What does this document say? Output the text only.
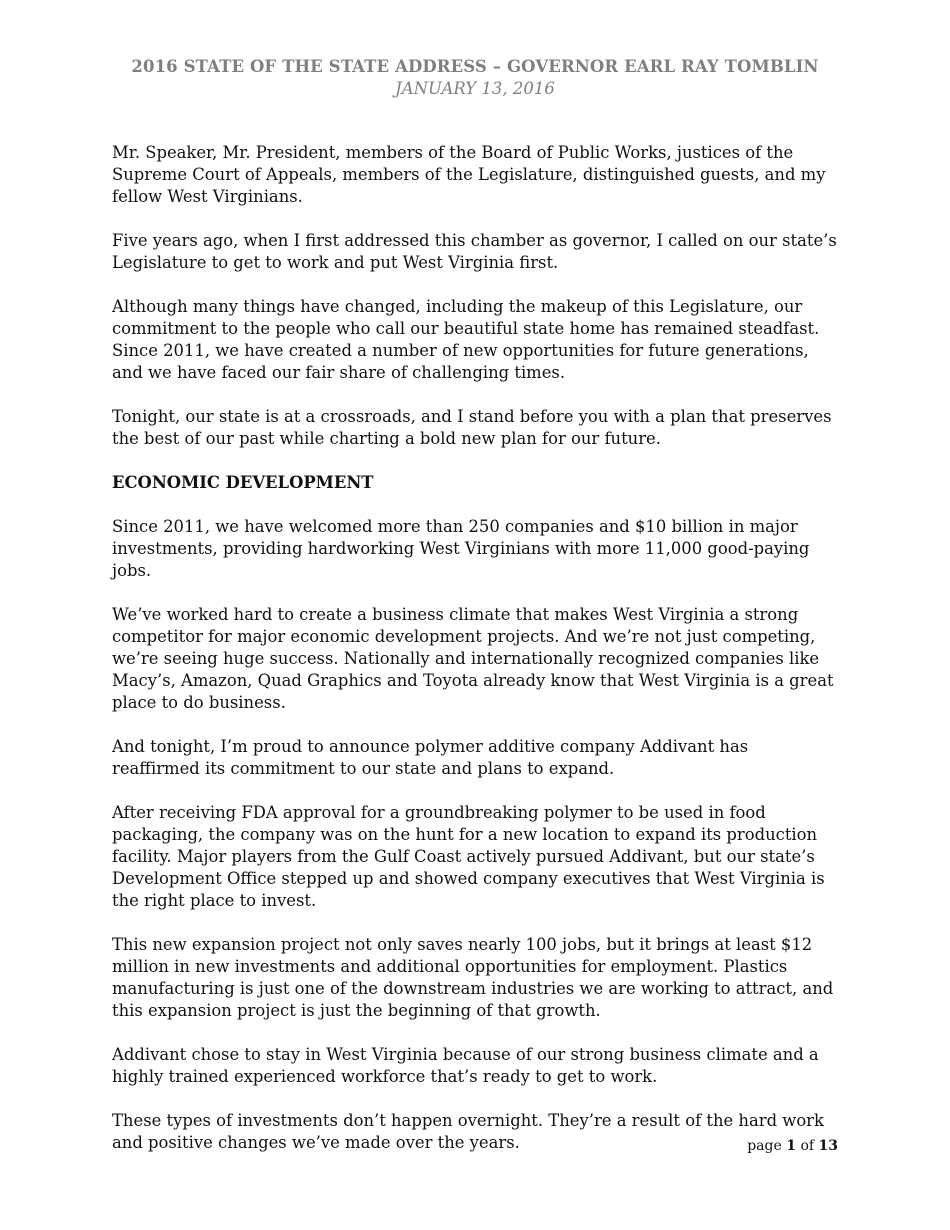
2016 STATE OF THE STATE ADDRESS – GOVERNOR EARL RAY TOMBLIN
JANUARY 13, 2016

Mr. Speaker, Mr. President, members of the Board of Public Works, justices of the Supreme Court of Appeals, members of the Legislature, distinguished guests, and my fellow West Virginians.

Five years ago, when I first addressed this chamber as governor, I called on our state’s Legislature to get to work and put West Virginia first.

Although many things have changed, including the makeup of this Legislature, our commitment to the people who call our beautiful state home has remained steadfast. Since 2011, we have created a number of new opportunities for future generations, and we have faced our fair share of challenging times.

Tonight, our state is at a crossroads, and I stand before you with a plan that preserves the best of our past while charting a bold new plan for our future.

ECONOMIC DEVELOPMENT

Since 2011, we have welcomed more than 250 companies and $10 billion in major investments, providing hardworking West Virginians with more 11,000 good-paying jobs.

We’ve worked hard to create a business climate that makes West Virginia a strong competitor for major economic development projects. And we’re not just competing, we’re seeing huge success. Nationally and internationally recognized companies like Macy’s, Amazon, Quad Graphics and Toyota already know that West Virginia is a great place to do business.

And tonight, I’m proud to announce polymer additive company Addivant has reaffirmed its commitment to our state and plans to expand.

After receiving FDA approval for a groundbreaking polymer to be used in food packaging, the company was on the hunt for a new location to expand its production facility. Major players from the Gulf Coast actively pursued Addivant, but our state’s Development Office stepped up and showed company executives that West Virginia is the right place to invest.

This new expansion project not only saves nearly 100 jobs, but it brings at least $12 million in new investments and additional opportunities for employment. Plastics manufacturing is just one of the downstream industries we are working to attract, and this expansion project is just the beginning of that growth.

Addivant chose to stay in West Virginia because of our strong business climate and a highly trained experienced workforce that’s ready to get to work.

These types of investments don’t happen overnight. They’re a result of the hard work and positive changes we’ve made over the years.	page 1 of 13
